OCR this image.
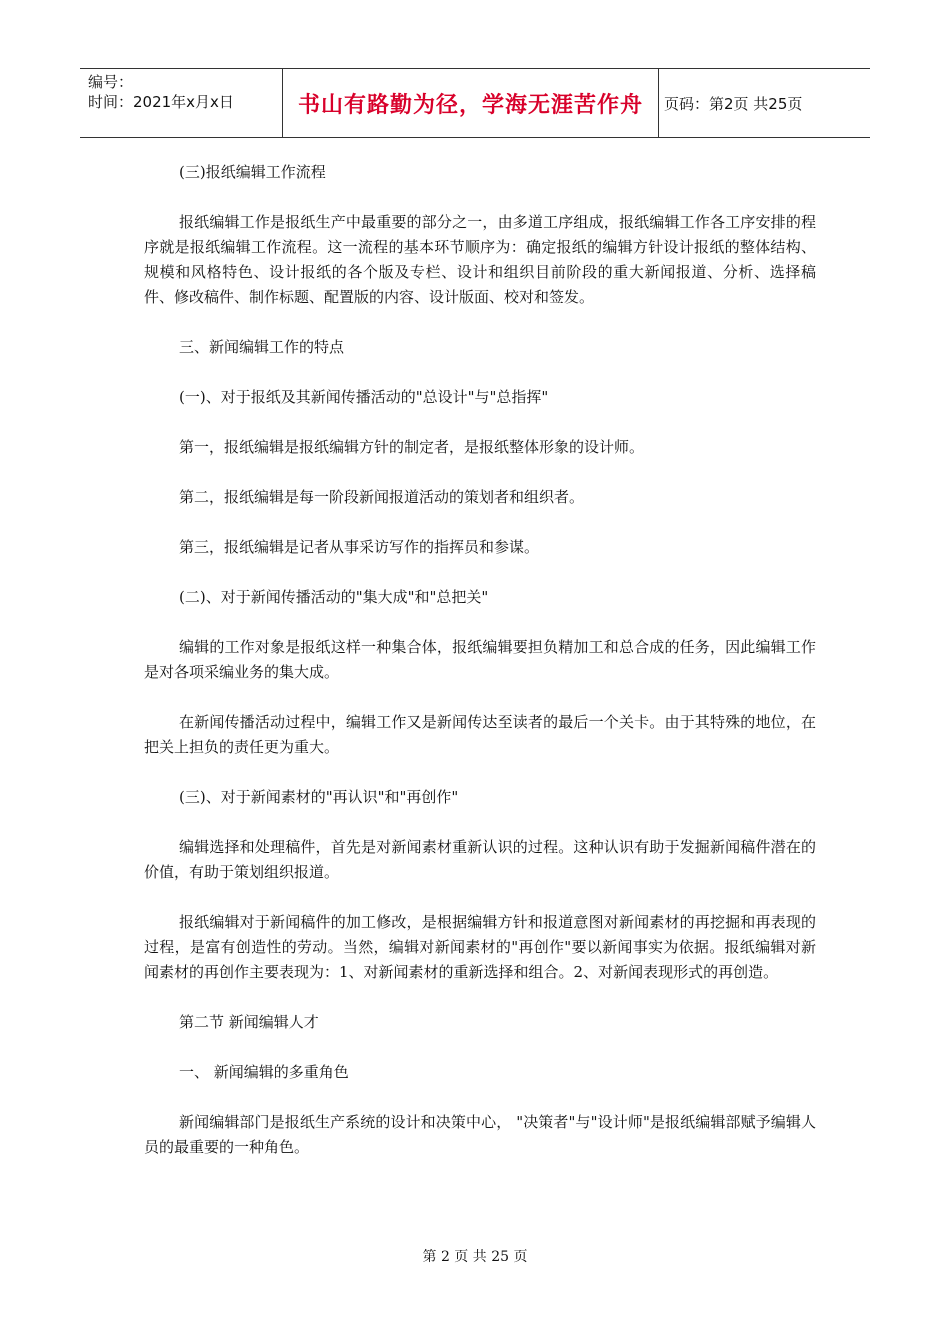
编号：
时间：2021年x月x日	书山有路勤为径，学海无涯苦作舟 页码：第2页 共25页

(三)报纸编辑工作流程

报纸编辑工作是报纸生产中最重要的部分之一，由多道工序组成，报纸编辑工作各工序安排的程序就是报纸编辑工作流程。这一流程的基本环节顺序为：确定报纸的编辑方针设计报纸的整体结构、规模和风格特色、设计报纸的各个版及专栏、设计和组织目前阶段的重大新闻报道、分析、选择稿件、修改稿件、制作标题、配置版的内容、设计版面、校对和签发。

三、新闻编辑工作的特点

(一)、对于报纸及其新闻传播活动的"总设计"与"总指挥"

第一，报纸编辑是报纸编辑方针的制定者，是报纸整体形象的设计师。

第二，报纸编辑是每一阶段新闻报道活动的策划者和组织者。

第三，报纸编辑是记者从事采访写作的指挥员和参谋。

(二)、对于新闻传播活动的"集大成"和"总把关"

编辑的工作对象是报纸这样一种集合体，报纸编辑要担负精加工和总合成的任务，因此编辑工作是对各项采编业务的集大成。

在新闻传播活动过程中，编辑工作又是新闻传达至读者的最后一个关卡。由于其特殊的地位，在把关上担负的责任更为重大。

(三)、对于新闻素材的"再认识"和"再创作"

编辑选择和处理稿件，首先是对新闻素材重新认识的过程。这种认识有助于发掘新闻稿件潜在的价值，有助于策划组织报道。

报纸编辑对于新闻稿件的加工修改，是根据编辑方针和报道意图对新闻素材的再挖掘和再表现的过程，是富有创造性的劳动。当然，编辑对新闻素材的"再创作"要以新闻事实为依据。报纸编辑对新闻素材的再创作主要表现为：1、对新闻素材的重新选择和组合。2、对新闻表现形式的再创造。

第二节 新闻编辑人才

一、 新闻编辑的多重角色

新闻编辑部门是报纸生产系统的设计和决策中心， "决策者"与"设计师"是报纸编辑部赋予编辑人员的最重要的一种角色。

第 2 页 共 25 页
